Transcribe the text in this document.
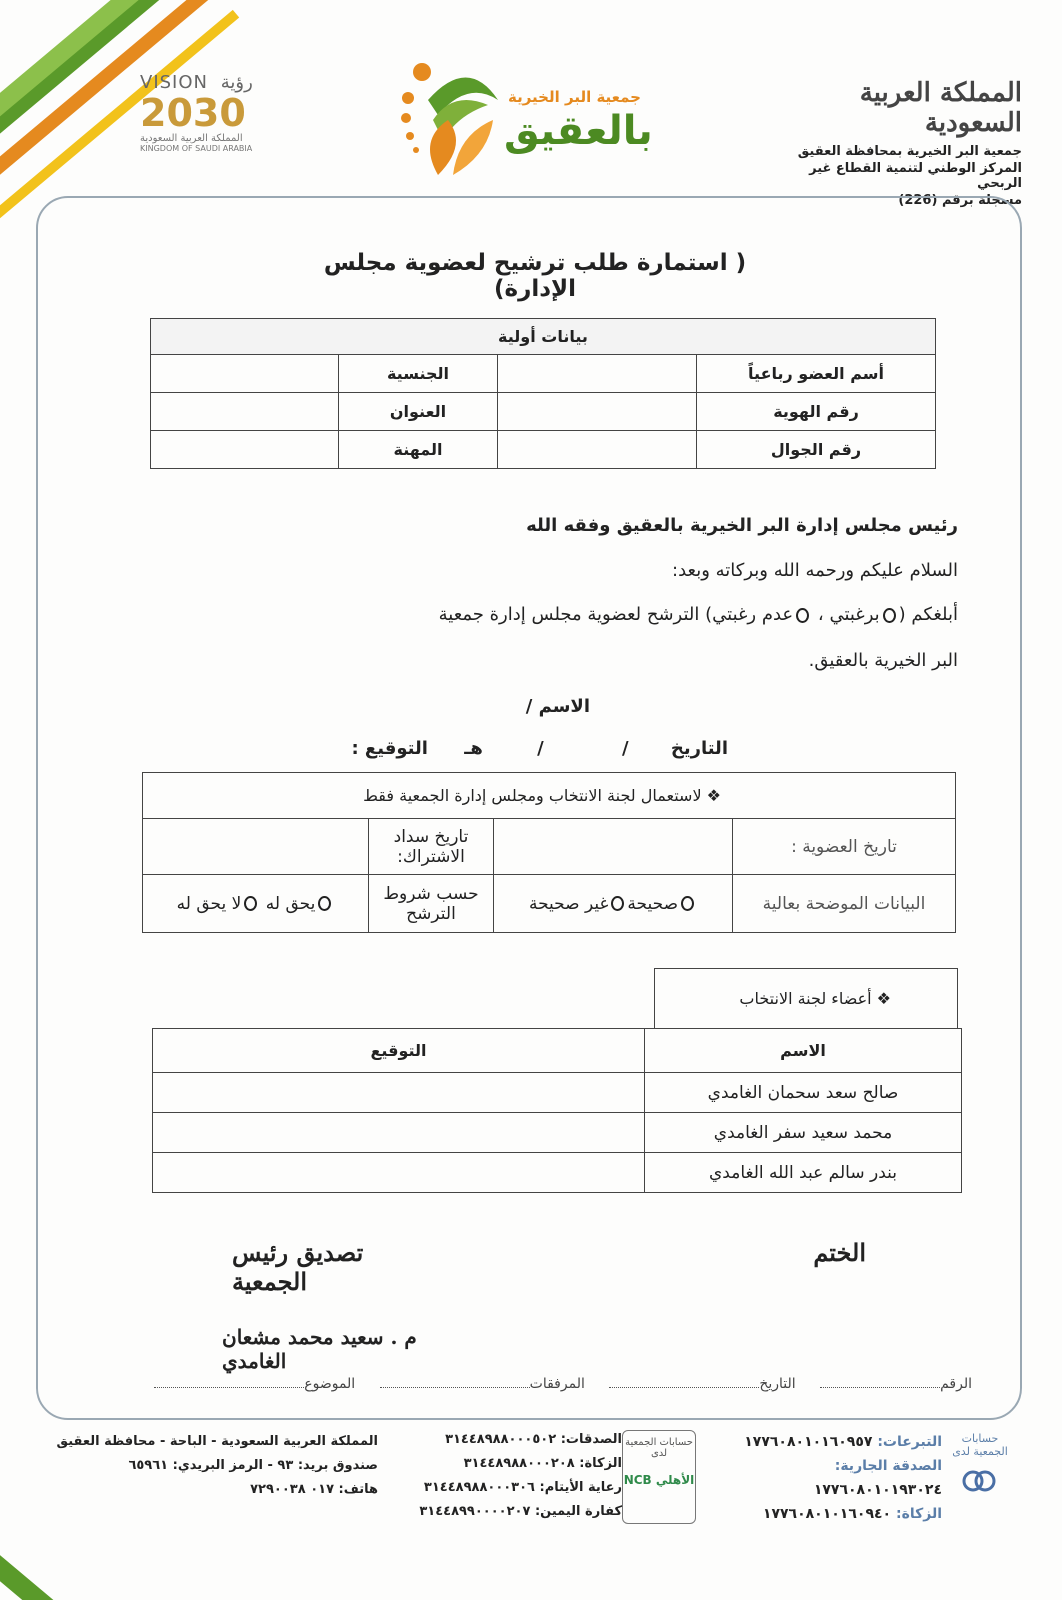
VISION رؤية
2030
المملكة العربية السعودية
KINGDOM OF SAUDI ARABIA
جمعية البر الخيرية
بالعقيق
المملكة العربية السعودية
جمعية البر الخيرية بمحافظة العقيق
المركز الوطني لتنمية القطاع غير الربحي
مسجلة برقم (226)
( استمارة طلب ترشيح لعضوية مجلس الإدارة)
بيانات أولية			
أسم العضو رباعياً		الجنسية	
رقم الهوية		العنوان	
رقم الجوال		المهنة	
رئيس مجلس إدارة البر الخيرية بالعقيق وفقه الله
السلام عليكم ورحمه الله وبركاته وبعد:
أبلغكم (برغبتي ، عدم رغبتي) الترشح لعضوية مجلس إدارة جمعية
البر الخيرية بالعقيق.
الاسم /
التاريخ / / هـ التوقيع :
❖ لاستعمال لجنة الانتخاب ومجلس إدارة الجمعية فقط			
تاريخ العضوية :		تاريخ سداد الاشتراك:	
البيانات الموضحة بعالية	صحيحةغير صحيحة	حسب شروط الترشح	يحق له لا يحق له
❖ أعضاء لجنة الانتخاب
الاسم	التوقيع
صالح سعد سحمان الغامدي	
محمد سعيد سفر الغامدي	
بندر سالم عبد الله الغامدي	
الختم
تصديق رئيس الجمعية
م . سعيد محمد مشعان الغامدي
الرقم التاريخ المرفقات الموضوع
حسابات الجمعية لدى
التبرعات: ١٧٧٦٠٨٠١٠١٦٠٩٥٧
الصدقة الجارية: ١٧٧٦٠٨٠١٠١٩٣٠٢٤
الزكاة: ١٧٧٦٠٨٠١٠١٦٠٩٤٠
حسابات الجمعية لدى
الأهلي NCB
الصدقات: ٣١٤٤٨٩٨٨٠٠٠٥٠٢
الزكاة: ٣١٤٤٨٩٨٨٠٠٠٢٠٨
رعاية الأيتام: ٣١٤٤٨٩٨٨٠٠٠٣٠٦
كفارة اليمين: ٣١٤٤٨٩٩٠٠٠٠٢٠٧
المملكة العربية السعودية - الباحة - محافظة العقيق
صندوق بريد: ٩٣ - الرمز البريدي: ٦٥٩٦١
هاتف: ٠١٧ ٧٢٩٠٠٣٨
